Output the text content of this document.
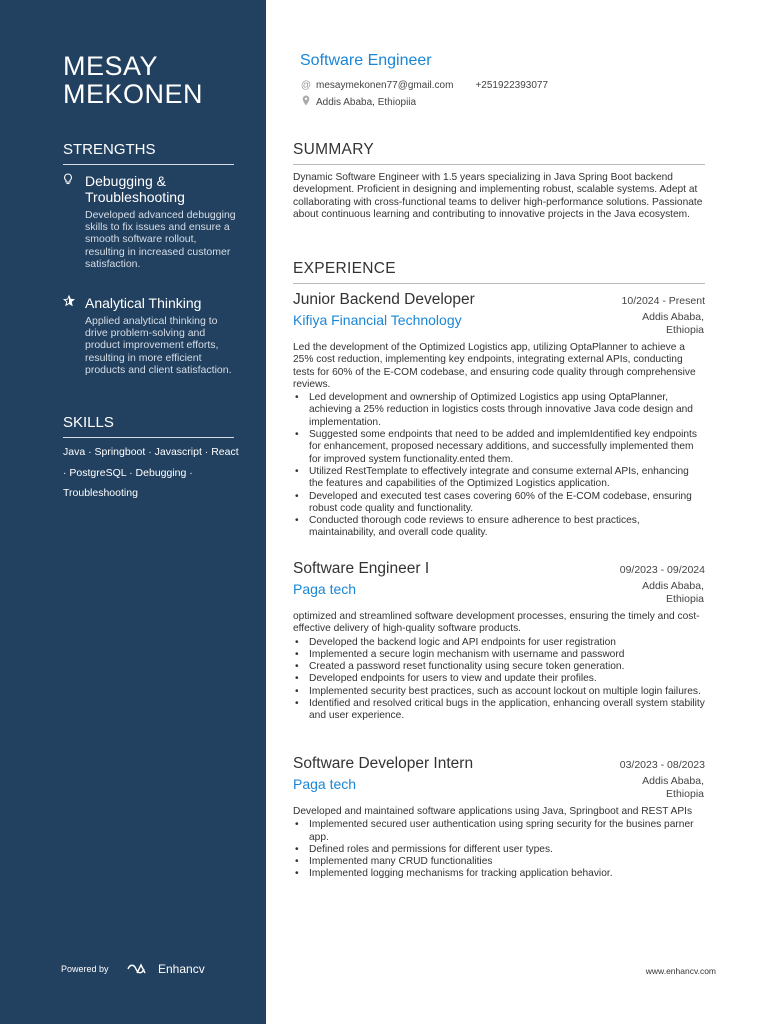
MESAY
MEKONEN
STRENGTHS
Debugging & Troubleshooting
Developed advanced debugging skills to fix issues and ensure a smooth software rollout, resulting in increased customer satisfaction.
Analytical Thinking
Applied analytical thinking to drive problem-solving and product improvement efforts, resulting in more efficient products and client satisfaction.
SKILLS
Java · Springboot · Javascript · React · PostgreSQL · Debugging · Troubleshooting
Powered by	Enhancv
Software Engineer
@ mesaymekonen77@gmail.com +251922393077
Addis Ababa, Ethiopiia
SUMMARY
Dynamic Software Engineer with 1.5 years specializing in Java Spring Boot backend development. Proficient in designing and implementing robust, scalable systems. Adept at collaborating with cross-functional teams to deliver high-performance solutions. Passionate about continuous learning and contributing to innovative projects in the Java ecosystem.
EXPERIENCE
Junior Backend Developer	10/2024 - Present
Kifiya Financial Technology	Addis Ababa,
Ethiopia
Led the development of the Optimized Logistics app, utilizing OptaPlanner to achieve a 25% cost reduction, implementing key endpoints, integrating external APIs, conducting tests for 60% of the E-COM codebase, and ensuring code quality through comprehensive reviews.
• Led development and ownership of Optimized Logistics app using OptaPlanner, achieving a 25% reduction in logistics costs through innovative Java code design and implementation.
• Suggested some endpoints that need to be added and implemIdentified key endpoints for enhancement, proposed necessary additions, and successfully implemented them for improved system functionality.ented them.
• Utilized RestTemplate to effectively integrate and consume external APIs, enhancing the features and capabilities of the Optimized Logistics application.
• Developed and executed test cases covering 60% of the E-COM codebase, ensuring robust code quality and functionality.
• Conducted thorough code reviews to ensure adherence to best practices, maintainability, and overall code quality.
Software Engineer I	09/2023 - 09/2024
Paga tech	Addis Ababa,
Ethiopia
optimized and streamlined software development processes, ensuring the timely and cost-effective delivery of high-quality software products.
• Developed the backend logic and API endpoints for user registration
• Implemented a secure login mechanism with username and password
• Created a password reset functionality using secure token generation.
• Developed endpoints for users to view and update their profiles.
• Implemented security best practices, such as account lockout on multiple login failures.
• Identified and resolved critical bugs in the application, enhancing overall system stability and user experience.
Software Developer Intern	03/2023 - 08/2023
Paga tech	Addis Ababa,
Ethiopia
Developed and maintained software applications using Java, Springboot and REST APIs
• Implemented secured user authentication using spring security for the busines parner app.
• Defined roles and permissions for different user types.
• Implemented many CRUD functionalities
• Implemented logging mechanisms for tracking application behavior.
www.enhancv.com
